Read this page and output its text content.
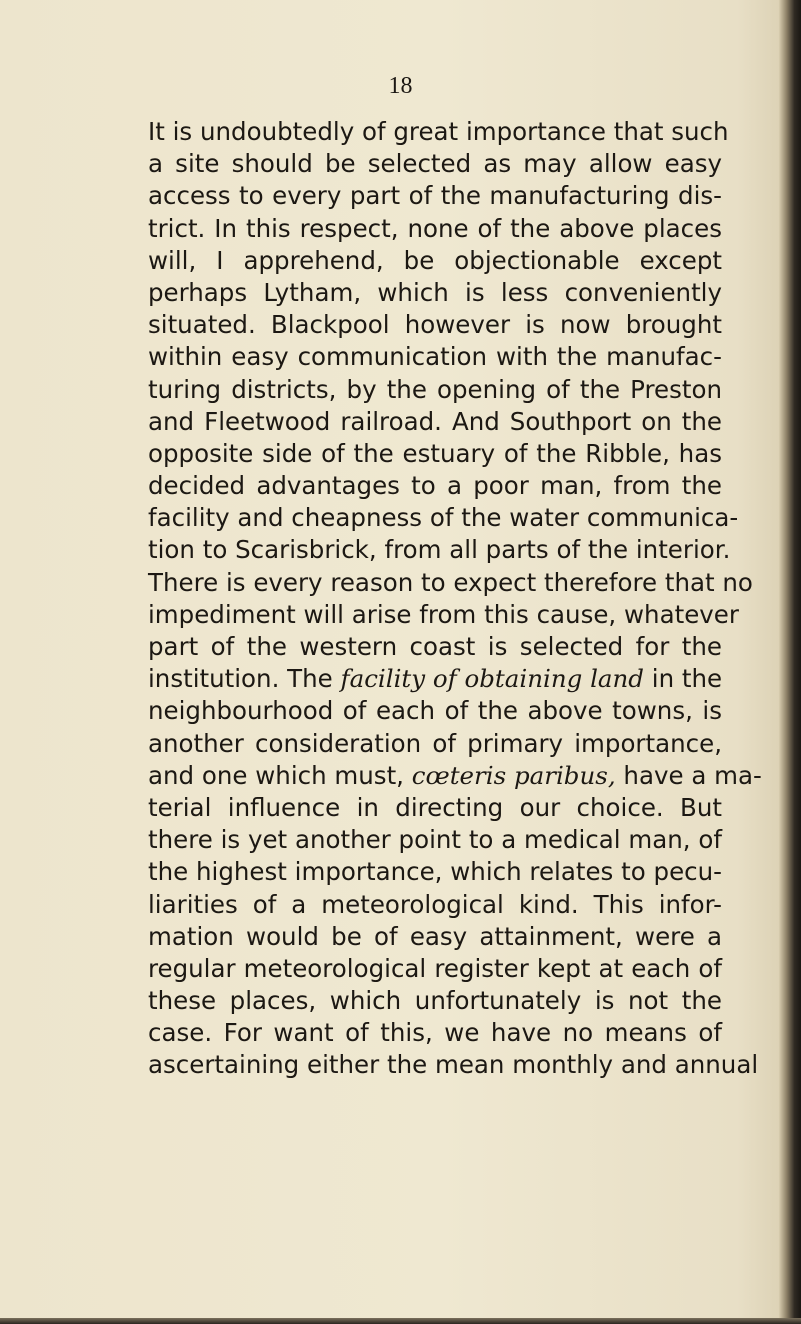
18
It is undoubtedly of great importance that such
a site should be selected as may allow easy
access to every part of the manufacturing dis-
trict. In this respect, none of the above places
will, I apprehend, be objectionable except
perhaps Lytham, which is less conveniently
situated. Blackpool however is now brought
within easy communication with the manufac-
turing districts, by the opening of the Preston
and Fleetwood railroad. And Southport on the
opposite side of the estuary of the Ribble, has
decided advantages to a poor man, from the
facility and cheapness of the water communica-
tion to Scarisbrick, from all parts of the interior.
There is every reason to expect therefore that no
impediment will arise from this cause, whatever
part of the western coast is selected for the
institution. The facility of obtaining land in the
neighbourhood of each of the above towns, is
another consideration of primary importance,
and one which must, cœteris paribus, have a ma-
terial influence in directing our choice. But
there is yet another point to a medical man, of
the highest importance, which relates to pecu-
liarities of a meteorological kind. This infor-
mation would be of easy attainment, were a
regular meteorological register kept at each of
these places, which unfortunately is not the
case. For want of this, we have no means of
ascertaining either the mean monthly and annual
